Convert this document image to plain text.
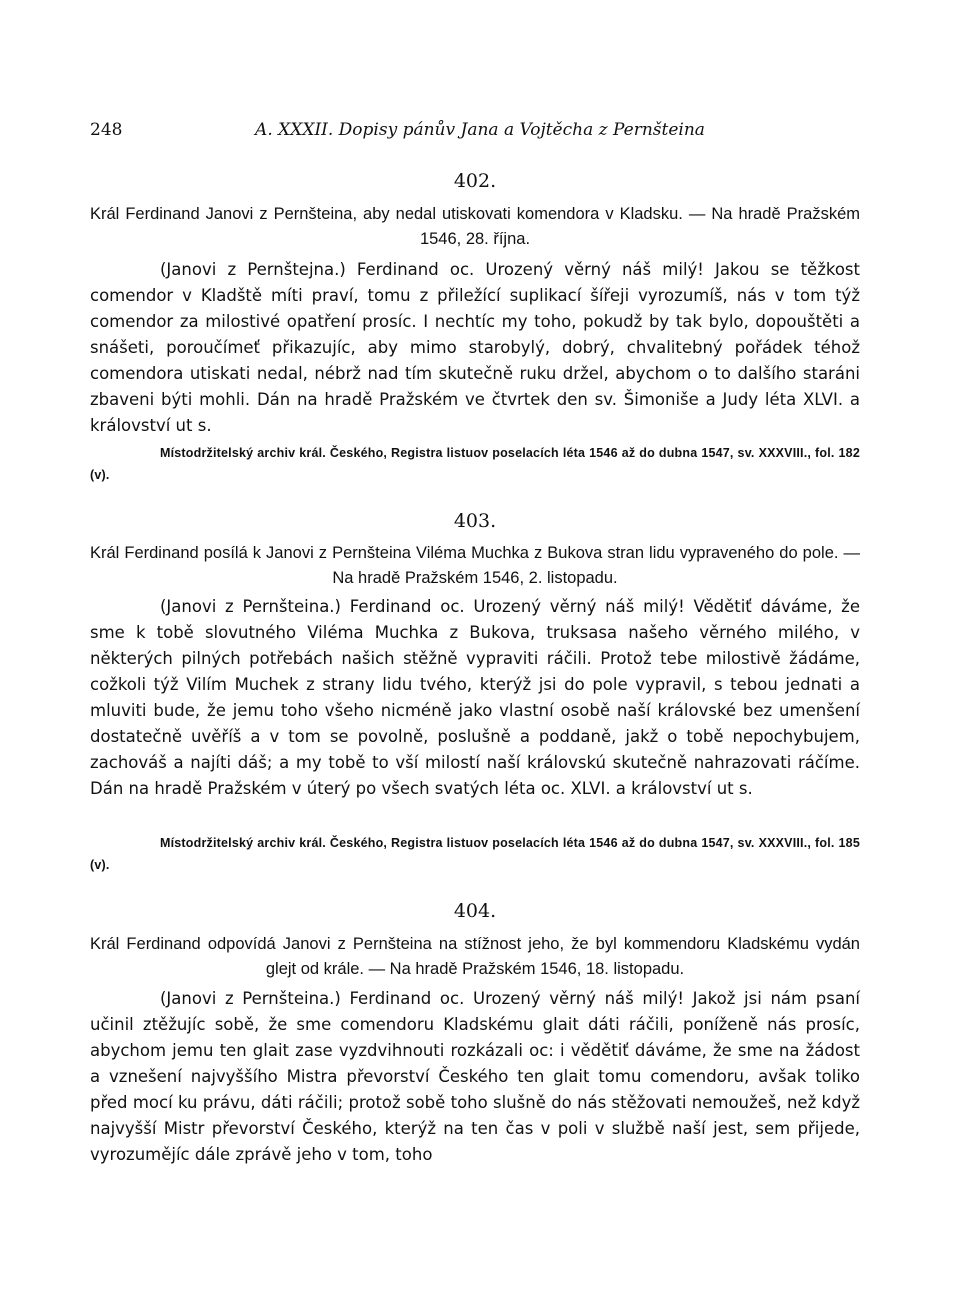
248	A. XXXII. Dopisy pánův Jana a Vojtěcha z Pernšteina
402.
Král Ferdinand Janovi z Pernšteina, aby nedal utiskovati komendora v Kladsku. — Na hradě Pražském 1546, 28. října.
(Janovi z Pernštejna.) Ferdinand oc. Urozený věrný náš milý! Jakou se těžkost comendor v Kladště míti praví, tomu z přiležící suplikací šířeji vyrozumíš, nás v tom týž comendor za milostivé opatření prosíc. I nechtíc my toho, pokudž by tak bylo, dopouštěti a snášeti, poroučímeť přikazujíc, aby mimo starobylý, dobrý, chvalitebný pořádek téhož comendora utiskati nedal, nébrž nad tím skutečně ruku držel, abychom o to dalšího staráni zbaveni býti mohli. Dán na hradě Pražském ve čtvrtek den sv. Šimoniše a Judy léta XLVI. a království ut s.
Místodržitelský archiv král. Českého, Registra listuov poselacích léta 1546 až do dubna 1547, sv. XXXVIII., fol. 182 (v).
403.
Král Ferdinand posílá k Janovi z Pernšteina Viléma Muchka z Bukova stran lidu vypraveného do pole. — Na hradě Pražském 1546, 2. listopadu.
(Janovi z Pernšteina.) Ferdinand oc. Urozený věrný náš milý! Vědětiť dáváme, že sme k tobě slovutného Viléma Muchka z Bukova, truksasa našeho věrného milého, v některých pilných potřebách našich stěžně vypraviti ráčili. Protož tebe milostivě žádáme, cožkoli týž Vilím Muchek z strany lidu tvého, kterýž jsi do pole vypravil, s tebou jednati a mluviti bude, že jemu toho všeho nicméně jako vlastní osobě naší královské bez umenšení dostatečně uvěříš a v tom se povolně, poslušně a poddaně, jakž o tobě nepochybujem, zachováš a najíti dáš; a my tobě to vší milostí naší královskú skutečně nahrazovati ráčíme. Dán na hradě Pražském v úterý po všech svatých léta oc. XLVI. a království ut s.
Místodržitelský archiv král. Českého, Registra listuov poselacích léta 1546 až do dubna 1547, sv. XXXVIII., fol. 185 (v).
404.
Král Ferdinand odpovídá Janovi z Pernšteina na stížnost jeho, že byl kommendoru Kladskému vydán glejt od krále. — Na hradě Pražském 1546, 18. listopadu.
(Janovi z Pernšteina.) Ferdinand oc. Urozený věrný náš milý! Jakož jsi nám psaní učinil ztěžujíc sobě, že sme comendoru Kladskému glait dáti ráčili, poníženě nás prosíc, abychom jemu ten glait zase vyzdvihnouti rozkázali oc: i vědětiť dáváme, že sme na žádost a vznešení najvyššího Mistra převorství Českého ten glait tomu comendoru, avšak toliko před mocí ku právu, dáti ráčili; protož sobě toho slušně do nás stěžovati nemoužeš, než když najvyšší Mistr převorství Českého, kterýž na ten čas v poli v službě naší jest, sem přijede, vyrozumějíc dále zprávě jeho v tom, toho
